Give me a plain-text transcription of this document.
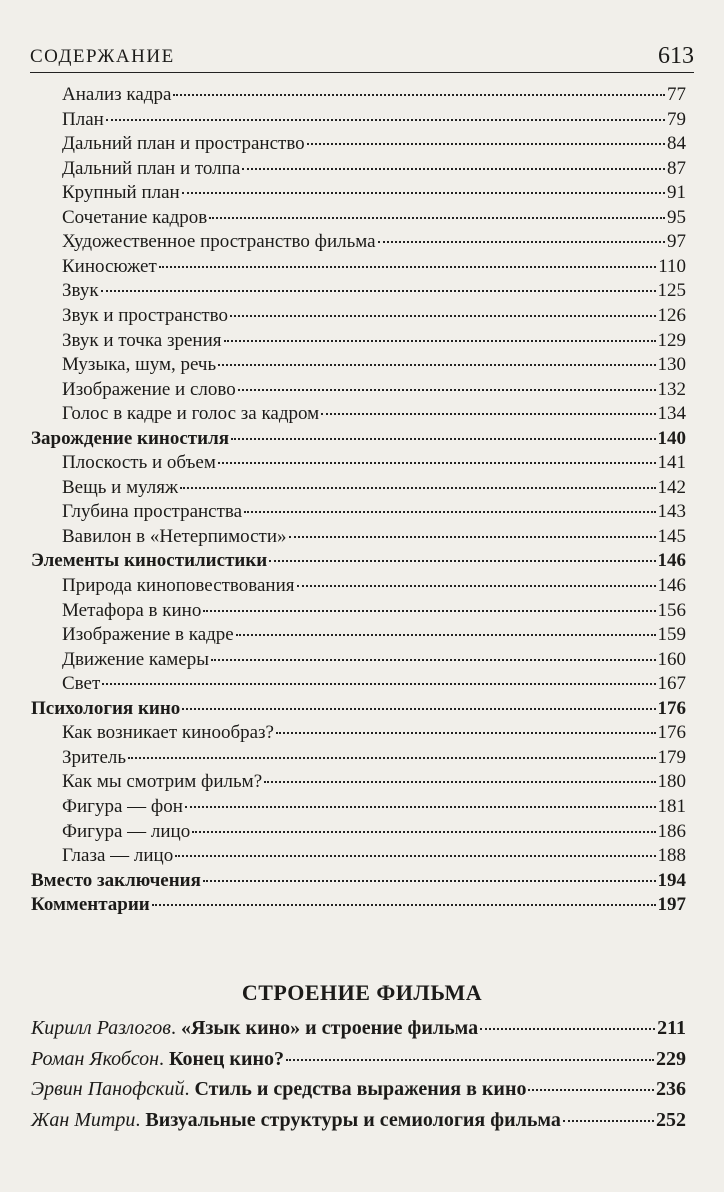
СОДЕРЖАНИЕ	613
Анализ кадра	77
План	79
Дальний план и пространство	84
Дальний план и толпа	87
Крупный план	91
Сочетание кадров	95
Художественное пространство фильма	97
Киносюжет	110
Звук	125
Звук и пространство	126
Звук и точка зрения	129
Музыка, шум, речь	130
Изображение и слово	132
Голос в кадре и голос за кадром	134
Зарождение киностиля	140
Плоскость и объем	141
Вещь и муляж	142
Глубина пространства	143
Вавилон в «Нетерпимости»	145
Элементы киностилистики	146
Природа киноповествования	146
Метафора в кино	156
Изображение в кадре	159
Движение камеры	160
Свет	167
Психология кино	176
Как возникает кинообраз?	176
Зритель	179
Как мы смотрим фильм?	180
Фигура — фон	181
Фигура — лицо	186
Глаза — лицо	188
Вместо заключения	194
Комментарии	197
СТРОЕНИЕ ФИЛЬМА
Кирилл Разлогов . «Язык кино» и строение фильма	211
Роман Якобсон . Конец кино?	229
Эрвин Панофский . Стиль и средства выражения в кино	236
Жан Митри . Визуальные структуры и семиология фильма	252
